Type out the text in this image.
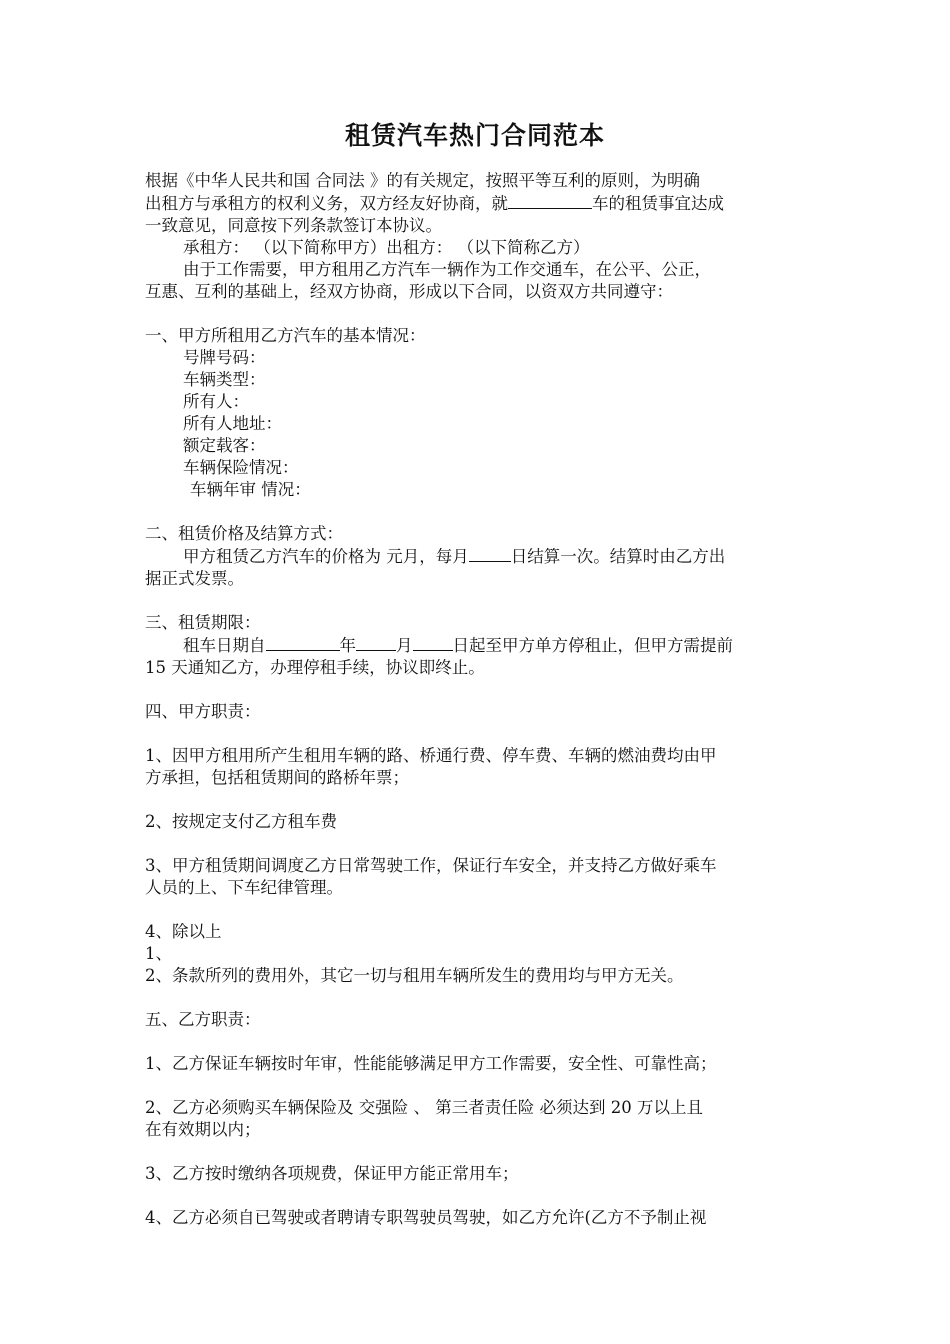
租赁汽车热门合同范本

根据《中华人民共和国 合同法 》的有关规定，按照平等互利的原则，为明确

出租方与承租方的权利义务，双方经友好协商，就	车的租赁事宜达成

一致意见，同意按下列条款签订本协议。

承租方： （以下简称甲方）出租方： （以下简称乙方）

由于工作需要，甲方租用乙方汽车一辆作为工作交通车，在公平、公正，

互惠、互利的基础上，经双方协商，形成以下合同，以资双方共同遵守：

一、甲方所租用乙方汽车的基本情况：

号牌号码：

车辆类型：

所有人：

所有人地址：

额定载客：

车辆保险情况：

车辆年审 情况：

二、租赁价格及结算方式：

甲方租赁乙方汽车的价格为 元月，每月	日结算一次。结算时由乙方出

据正式发票。

三、租赁期限：

租车日期自	年 月 日起至甲方单方停租止，但甲方需提前

15 天通知乙方，办理停租手续，协议即终止。

四、甲方职责：

1、因甲方租用所产生租用车辆的路、桥通行费、停车费、车辆的燃油费均由甲

方承担，包括租赁期间的路桥年票；

2、按规定支付乙方租车费

3、甲方租赁期间调度乙方日常驾驶工作，保证行车安全，并支持乙方做好乘车

人员的上、下车纪律管理。

4、除以上

1、

2、条款所列的费用外，其它一切与租用车辆所发生的费用均与甲方无关。

五、乙方职责：

1、乙方保证车辆按时年审，性能能够满足甲方工作需要，安全性、可靠性高；

2、乙方必须购买车辆保险及 交强险 、 第三者责任险 必须达到 20 万以上且

在有效期以内；

3、乙方按时缴纳各项规费，保证甲方能正常用车；

4、乙方必须自已驾驶或者聘请专职驾驶员驾驶，如乙方允许(乙方不予制止视
